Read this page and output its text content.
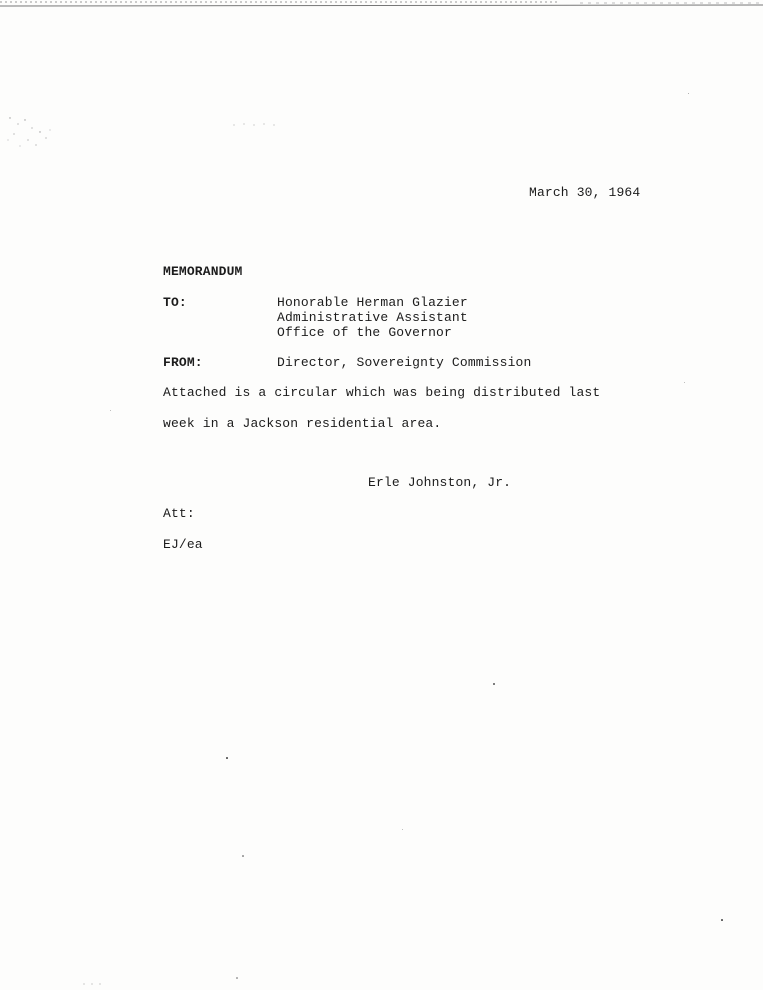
March 30, 1964
MEMORANDUM
TO:	Honorable Herman Glazier
Administrative Assistant
Office of the Governor
FROM:	Director, Sovereignty Commission
Attached is a circular which was being distributed last
week in a Jackson residential area.
Erle Johnston, Jr.
Att:
EJ/ea
